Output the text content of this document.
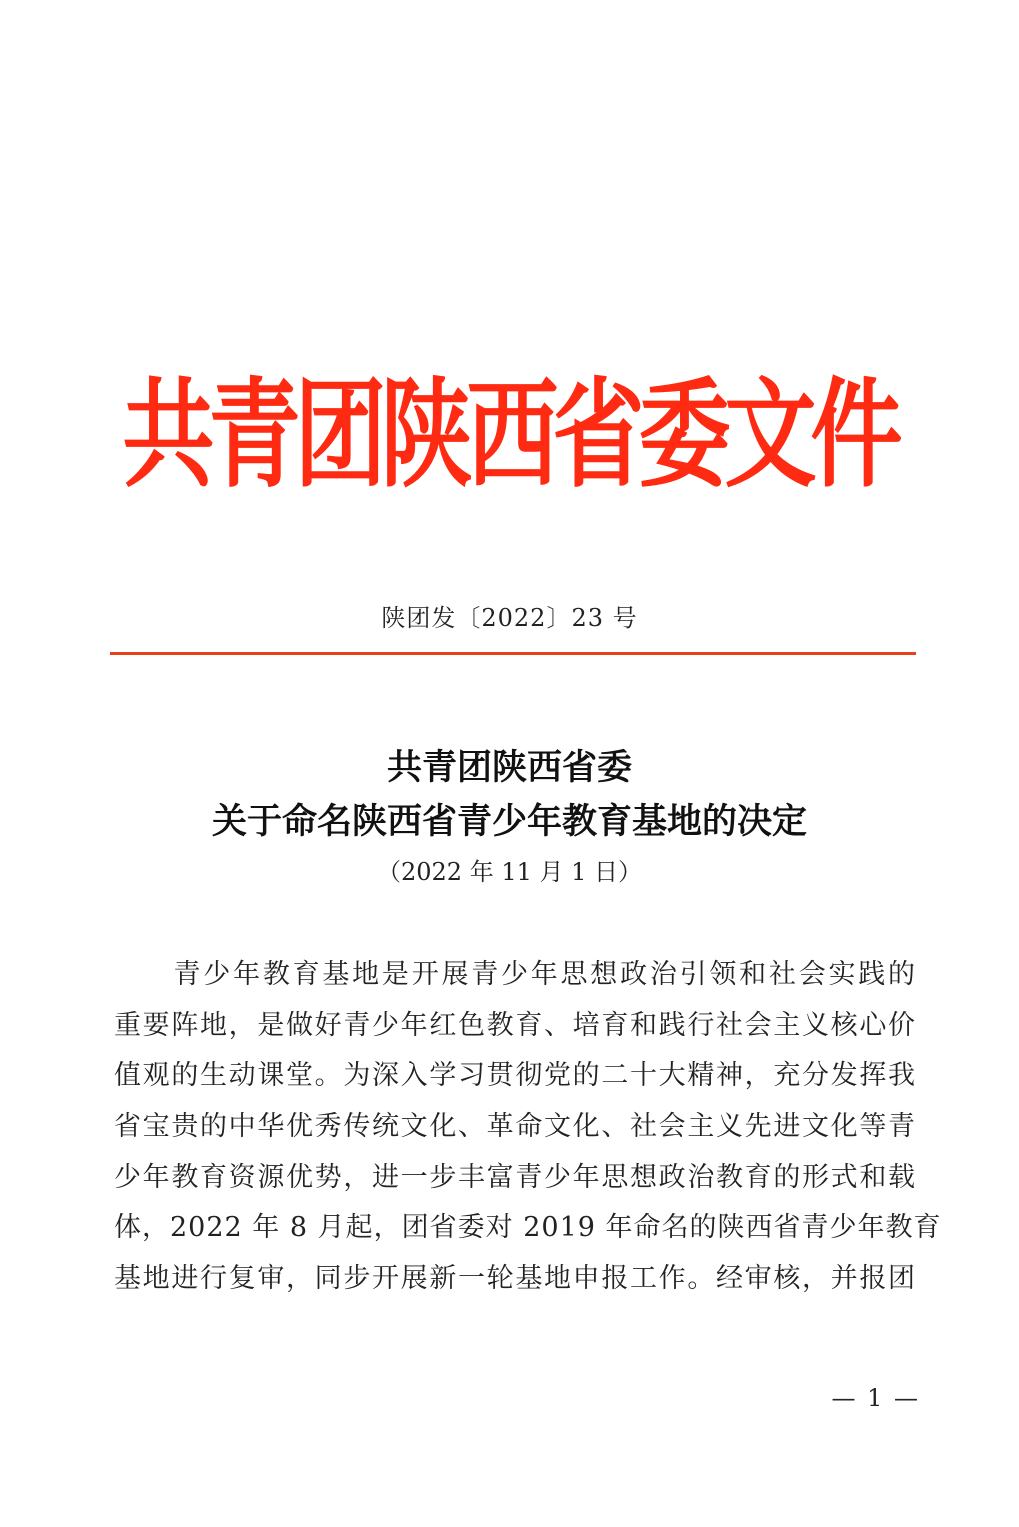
共青团陕西省委文件
陕团发〔2022〕23 号
共青团陕西省委
关于命名陕西省青少年教育基地的决定
（2022 年 11 月 1 日）
　　青少年教育基地是开展青少年思想政治引领和社会实践的
重要阵地，是做好青少年红色教育、培育和践行社会主义核心价
值观的生动课堂。为深入学习贯彻党的二十大精神，充分发挥我
省宝贵的中华优秀传统文化、革命文化、社会主义先进文化等青
少年教育资源优势，进一步丰富青少年思想政治教育的形式和载
体，2022 年 8 月起，团省委对 2019 年命名的陕西省青少年教育
基地进行复审，同步开展新一轮基地申报工作。经审核，并报团
— 1 —
